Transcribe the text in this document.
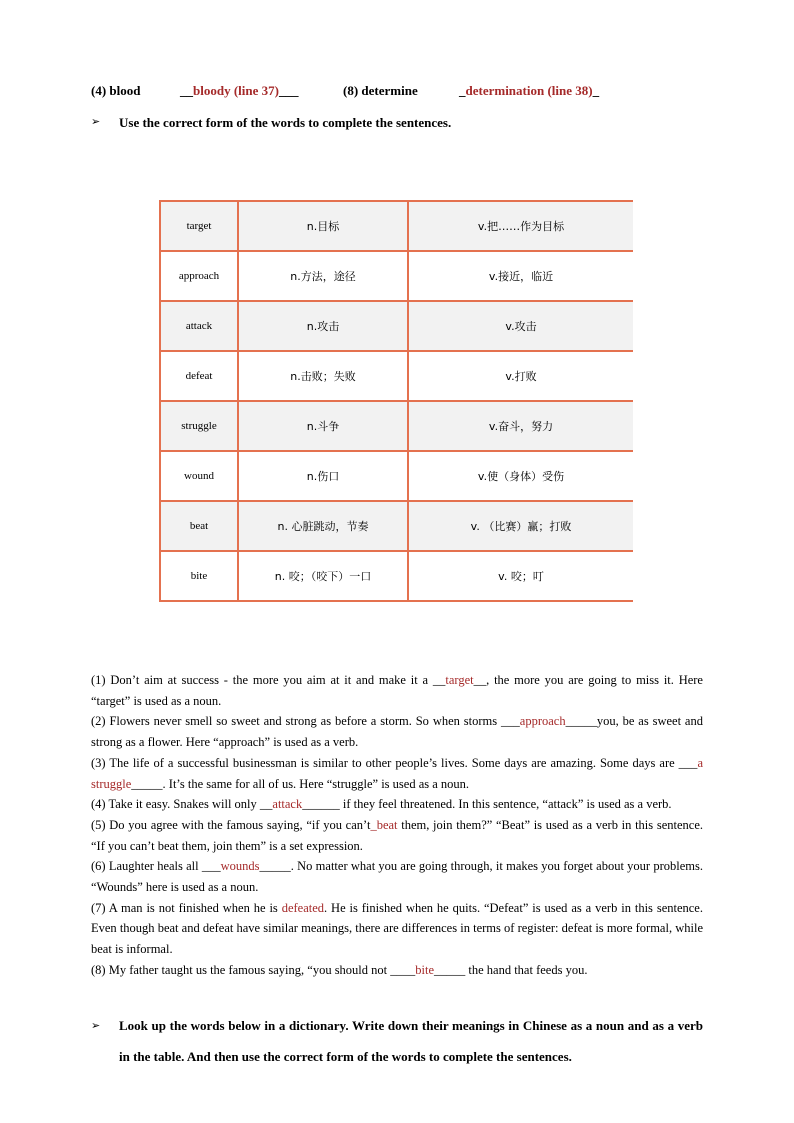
(4) blood	__bloody (line 37)___	(8) determine	_determination (line 38)_
➢ Use the correct form of the words to complete the sentences.
target	n.目标	v.把……作为目标
approach	n.方法，途径	v.接近，临近
attack	n.攻击	v.攻击
defeat	n.击败；失败	v.打败
struggle	n.斗争	v.奋斗，努力
wound	n.伤口	v.使（身体）受伤
beat	n. 心脏跳动，节奏	v. （比赛）赢；打败
bite	n. 咬；（咬下）一口	v. 咬；叮

(1) Don’t aim at success - the more you aim at it and make it a __target__, the more you are going to miss it. Here “target” is used as a noun.

(2) Flowers never smell so sweet and strong as before a storm. So when storms ___approach_____you, be as sweet and strong as a flower. Here “approach” is used as a verb.

(3) The life of a successful businessman is similar to other people’s lives. Some days are amazing. Some days are ___a struggle_____. It’s the same for all of us. Here “struggle” is used as a noun.

(4) Take it easy. Snakes will only __attack______ if they feel threatened. In this sentence, “attack” is used as a verb.

(5) Do you agree with the famous saying, “if you can’t_beat them, join them?” “Beat” is used as a verb in this sentence. “If you can’t beat them, join them” is a set expression.

(6) Laughter heals all ___wounds_____. No matter what you are going through, it makes you forget about your problems. “Wounds” here is used as a noun.

(7) A man is not finished when he is defeated. He is finished when he quits. “Defeat” is used as a verb in this sentence. Even though beat and defeat have similar meanings, there are differences in terms of register: defeat is more formal, while beat is informal.

(8) My father taught us the famous saying, “you should not ____bite_____ the hand that feeds you.

➢ Look up the words below in a dictionary. Write down their meanings in Chinese as a noun and as a verb in the table. And then use the correct form of the words to complete the sentences.
